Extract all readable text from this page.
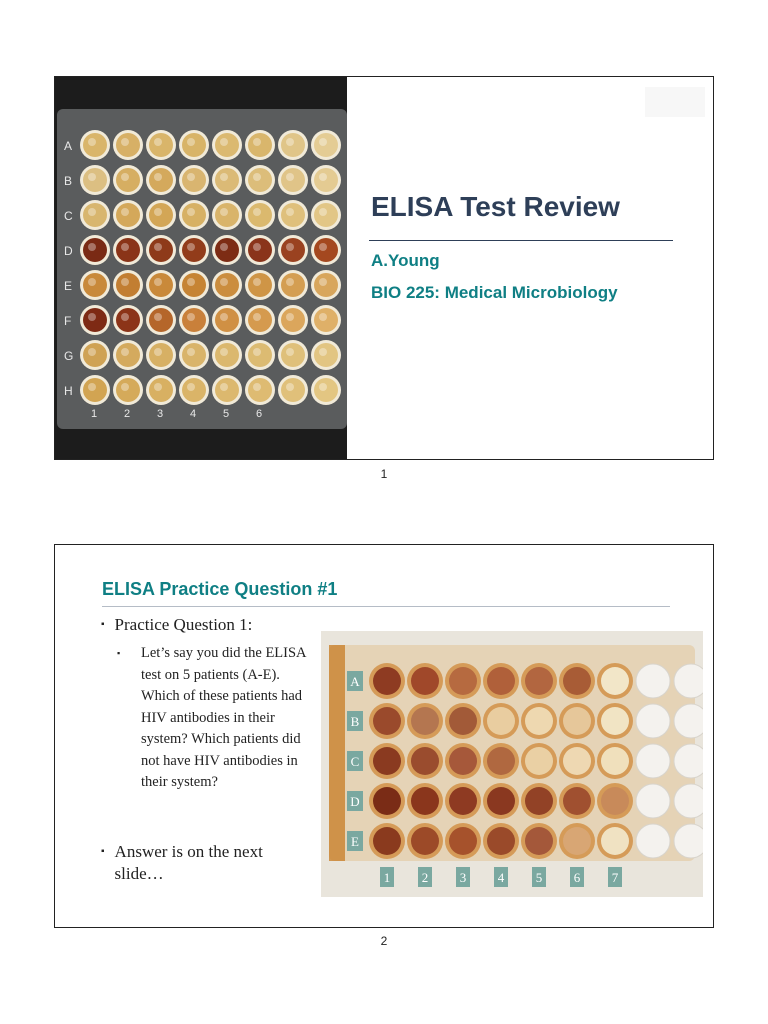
A
B
C
D
E
F
G
H
1 2 3 4 5 6
ELISA Test Review
A.Young
BIO 225: Medical Microbiology
1
ELISA Practice Question #1
▪ Practice Question 1:
▪ Let’s say you did the ELISA test on 5 patients (A-E). Which of these patients had HIV antibodies in their system? Which patients did not have HIV antibodies in their system?
▪ Answer is on the next slide…
A
B
C
D
E
1 2 3 4 5 6 7
2
